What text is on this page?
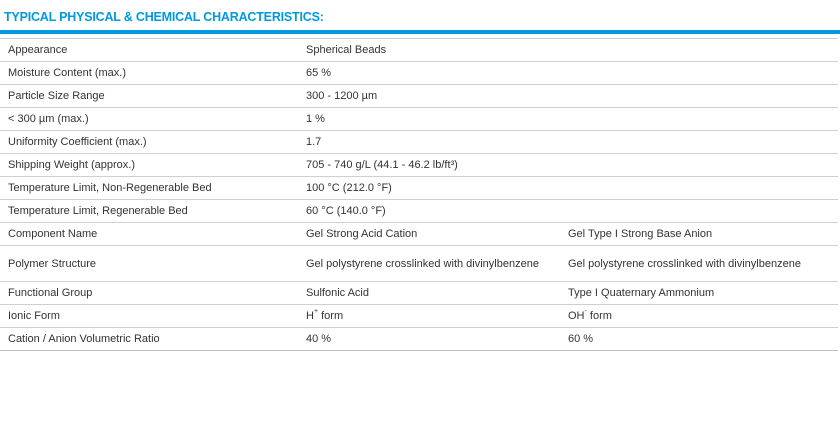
TYPICAL PHYSICAL & CHEMICAL CHARACTERISTICS:
Appearance	Spherical Beads	
Moisture Content (max.)	65 %	
Particle Size Range	300 - 1200 µm	
< 300 µm (max.)	1 %	
Uniformity Coefficient (max.)	1.7	
Shipping Weight (approx.)	705 - 740 g/L (44.1 - 46.2 lb/ft³)	
Temperature Limit, Non-Regenerable Bed	100 °C (212.0 °F)	
Temperature Limit, Regenerable Bed	60 °C (140.0 °F)	
Component Name	Gel Strong Acid Cation	Gel Type I Strong Base Anion
Polymer Structure	Gel polystyrene crosslinked with divinylbenzene	Gel polystyrene crosslinked with divinylbenzene
Functional Group	Sulfonic Acid	Type I Quaternary Ammonium
Ionic Form	H+ form	OH- form
Cation / Anion Volumetric Ratio	40 %	60 %
